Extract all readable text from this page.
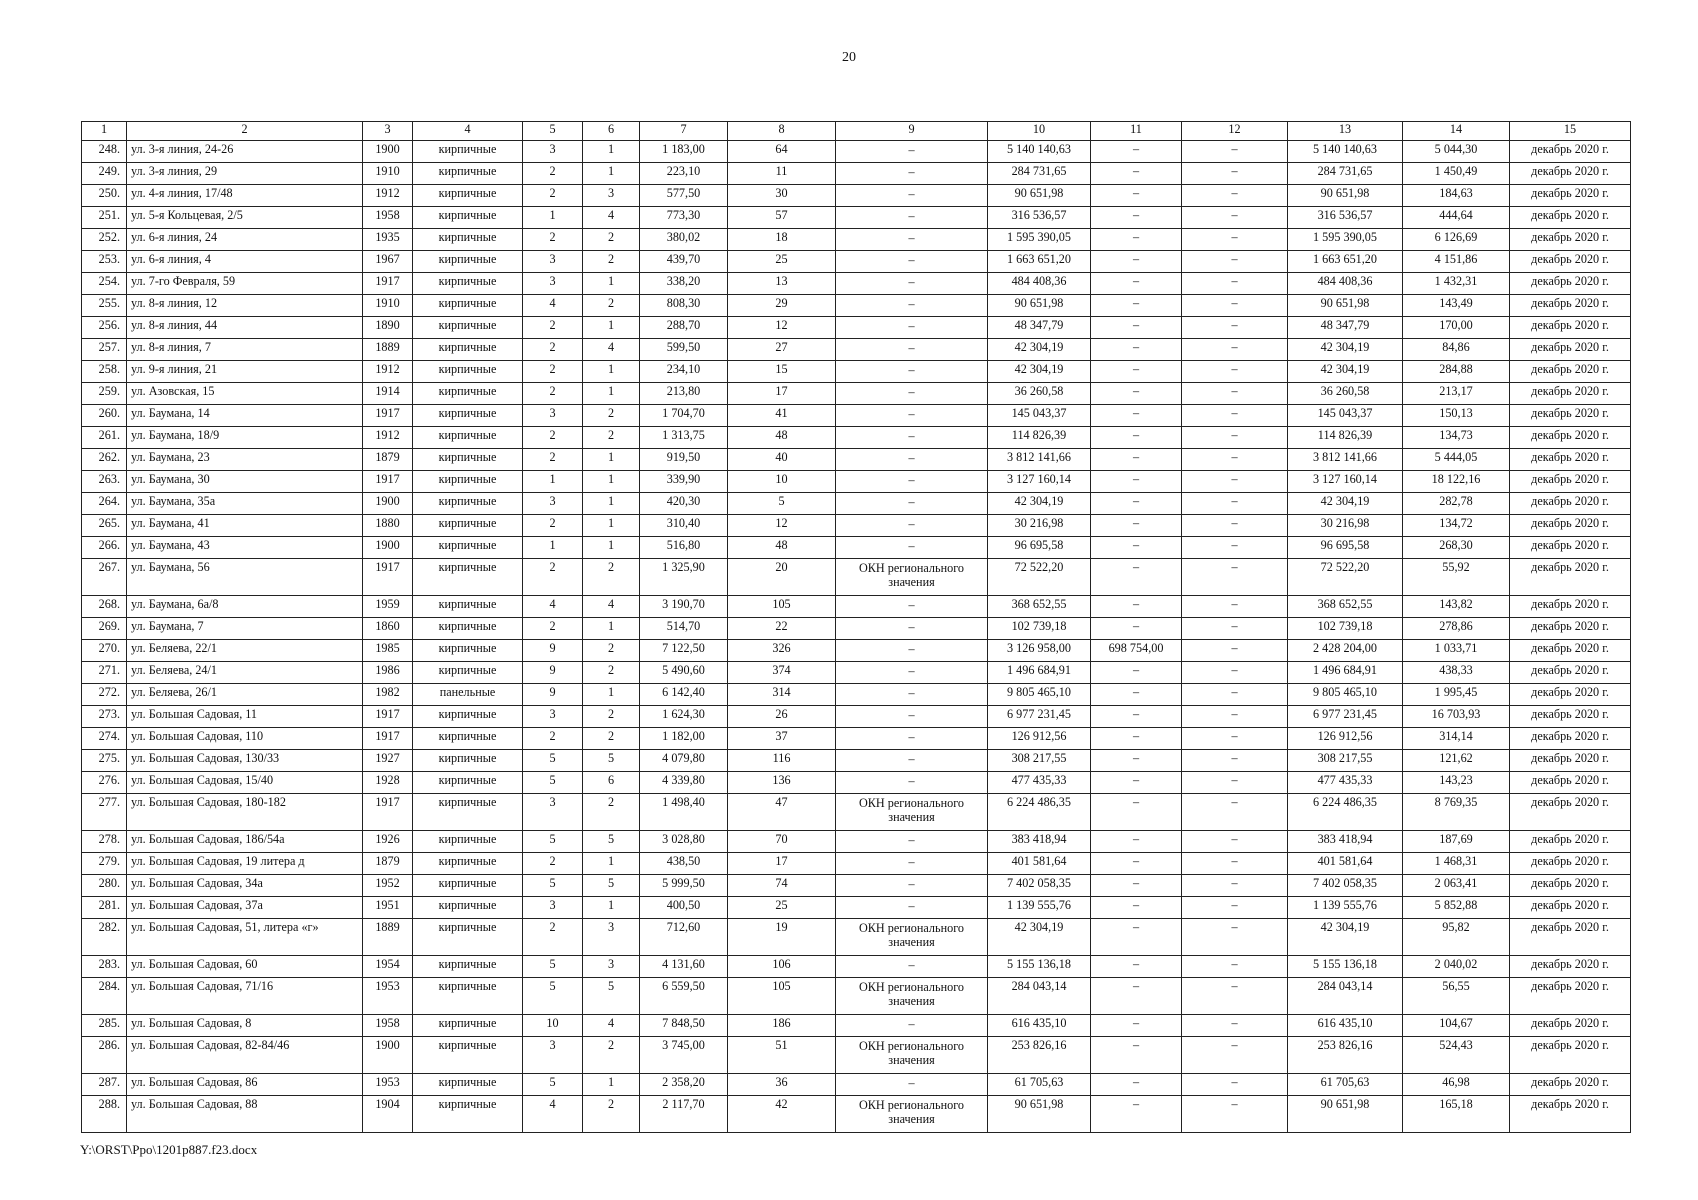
20
1	2	3	4	5	6	7	8	9	10	11	12	13	14	15
248.	ул. 3-я линия, 24-26	1900	кирпичные	3	1	1 183,00	64	–	5 140 140,63	–	–	5 140 140,63	5 044,30	декабрь 2020 г.
249.	ул. 3-я линия, 29	1910	кирпичные	2	1	223,10	11	–	284 731,65	–	–	284 731,65	1 450,49	декабрь 2020 г.
250.	ул. 4-я линия, 17/48	1912	кирпичные	2	3	577,50	30	–	90 651,98	–	–	90 651,98	184,63	декабрь 2020 г.
251.	ул. 5-я Кольцевая, 2/5	1958	кирпичные	1	4	773,30	57	–	316 536,57	–	–	316 536,57	444,64	декабрь 2020 г.
252.	ул. 6-я линия, 24	1935	кирпичные	2	2	380,02	18	–	1 595 390,05	–	–	1 595 390,05	6 126,69	декабрь 2020 г.
253.	ул. 6-я линия, 4	1967	кирпичные	3	2	439,70	25	–	1 663 651,20	–	–	1 663 651,20	4 151,86	декабрь 2020 г.
254.	ул. 7-го Февраля, 59	1917	кирпичные	3	1	338,20	13	–	484 408,36	–	–	484 408,36	1 432,31	декабрь 2020 г.
255.	ул. 8-я линия, 12	1910	кирпичные	4	2	808,30	29	–	90 651,98	–	–	90 651,98	143,49	декабрь 2020 г.
256.	ул. 8-я линия, 44	1890	кирпичные	2	1	288,70	12	–	48 347,79	–	–	48 347,79	170,00	декабрь 2020 г.
257.	ул. 8-я линия, 7	1889	кирпичные	2	4	599,50	27	–	42 304,19	–	–	42 304,19	84,86	декабрь 2020 г.
258.	ул. 9-я линия, 21	1912	кирпичные	2	1	234,10	15	–	42 304,19	–	–	42 304,19	284,88	декабрь 2020 г.
259.	ул. Азовская, 15	1914	кирпичные	2	1	213,80	17	–	36 260,58	–	–	36 260,58	213,17	декабрь 2020 г.
260.	ул. Баумана, 14	1917	кирпичные	3	2	1 704,70	41	–	145 043,37	–	–	145 043,37	150,13	декабрь 2020 г.
261.	ул. Баумана, 18/9	1912	кирпичные	2	2	1 313,75	48	–	114 826,39	–	–	114 826,39	134,73	декабрь 2020 г.
262.	ул. Баумана, 23	1879	кирпичные	2	1	919,50	40	–	3 812 141,66	–	–	3 812 141,66	5 444,05	декабрь 2020 г.
263.	ул. Баумана, 30	1917	кирпичные	1	1	339,90	10	–	3 127 160,14	–	–	3 127 160,14	18 122,16	декабрь 2020 г.
264.	ул. Баумана, 35а	1900	кирпичные	3	1	420,30	5	–	42 304,19	–	–	42 304,19	282,78	декабрь 2020 г.
265.	ул. Баумана, 41	1880	кирпичные	2	1	310,40	12	–	30 216,98	–	–	30 216,98	134,72	декабрь 2020 г.
266.	ул. Баумана, 43	1900	кирпичные	1	1	516,80	48	–	96 695,58	–	–	96 695,58	268,30	декабрь 2020 г.
267.	ул. Баумана, 56	1917	кирпичные	2	2	1 325,90	20	ОКН регионального значения	72 522,20	–	–	72 522,20	55,92	декабрь 2020 г.
268.	ул. Баумана, 6а/8	1959	кирпичные	4	4	3 190,70	105	–	368 652,55	–	–	368 652,55	143,82	декабрь 2020 г.
269.	ул. Баумана, 7	1860	кирпичные	2	1	514,70	22	–	102 739,18	–	–	102 739,18	278,86	декабрь 2020 г.
270.	ул. Беляева, 22/1	1985	кирпичные	9	2	7 122,50	326	–	3 126 958,00	698 754,00	–	2 428 204,00	1 033,71	декабрь 2020 г.
271.	ул. Беляева, 24/1	1986	кирпичные	9	2	5 490,60	374	–	1 496 684,91	–	–	1 496 684,91	438,33	декабрь 2020 г.
272.	ул. Беляева, 26/1	1982	панельные	9	1	6 142,40	314	–	9 805 465,10	–	–	9 805 465,10	1 995,45	декабрь 2020 г.
273.	ул. Большая Садовая, 11	1917	кирпичные	3	2	1 624,30	26	–	6 977 231,45	–	–	6 977 231,45	16 703,93	декабрь 2020 г.
274.	ул. Большая Садовая, 110	1917	кирпичные	2	2	1 182,00	37	–	126 912,56	–	–	126 912,56	314,14	декабрь 2020 г.
275.	ул. Большая Садовая, 130/33	1927	кирпичные	5	5	4 079,80	116	–	308 217,55	–	–	308 217,55	121,62	декабрь 2020 г.
276.	ул. Большая Садовая, 15/40	1928	кирпичные	5	6	4 339,80	136	–	477 435,33	–	–	477 435,33	143,23	декабрь 2020 г.
277.	ул. Большая Садовая, 180-182	1917	кирпичные	3	2	1 498,40	47	ОКН регионального значения	6 224 486,35	–	–	6 224 486,35	8 769,35	декабрь 2020 г.
278.	ул. Большая Садовая, 186/54а	1926	кирпичные	5	5	3 028,80	70	–	383 418,94	–	–	383 418,94	187,69	декабрь 2020 г.
279.	ул. Большая Садовая, 19 литера д	1879	кирпичные	2	1	438,50	17	–	401 581,64	–	–	401 581,64	1 468,31	декабрь 2020 г.
280.	ул. Большая Садовая, 34а	1952	кирпичные	5	5	5 999,50	74	–	7 402 058,35	–	–	7 402 058,35	2 063,41	декабрь 2020 г.
281.	ул. Большая Садовая, 37а	1951	кирпичные	3	1	400,50	25	–	1 139 555,76	–	–	1 139 555,76	5 852,88	декабрь 2020 г.
282.	ул. Большая Садовая, 51, литера «г»	1889	кирпичные	2	3	712,60	19	ОКН регионального значения	42 304,19	–	–	42 304,19	95,82	декабрь 2020 г.
283.	ул. Большая Садовая, 60	1954	кирпичные	5	3	4 131,60	106	–	5 155 136,18	–	–	5 155 136,18	2 040,02	декабрь 2020 г.
284.	ул. Большая Садовая, 71/16	1953	кирпичные	5	5	6 559,50	105	ОКН регионального значения	284 043,14	–	–	284 043,14	56,55	декабрь 2020 г.
285.	ул. Большая Садовая, 8	1958	кирпичные	10	4	7 848,50	186	–	616 435,10	–	–	616 435,10	104,67	декабрь 2020 г.
286.	ул. Большая Садовая, 82-84/46	1900	кирпичные	3	2	3 745,00	51	ОКН регионального значения	253 826,16	–	–	253 826,16	524,43	декабрь 2020 г.
287.	ул. Большая Садовая, 86	1953	кирпичные	5	1	2 358,20	36	–	61 705,63	–	–	61 705,63	46,98	декабрь 2020 г.
288.	ул. Большая Садовая, 88	1904	кирпичные	4	2	2 117,70	42	ОКН регионального значения	90 651,98	–	–	90 651,98	165,18	декабрь 2020 г.
Y:\ORST\Ppo\1201p887.f23.docx
